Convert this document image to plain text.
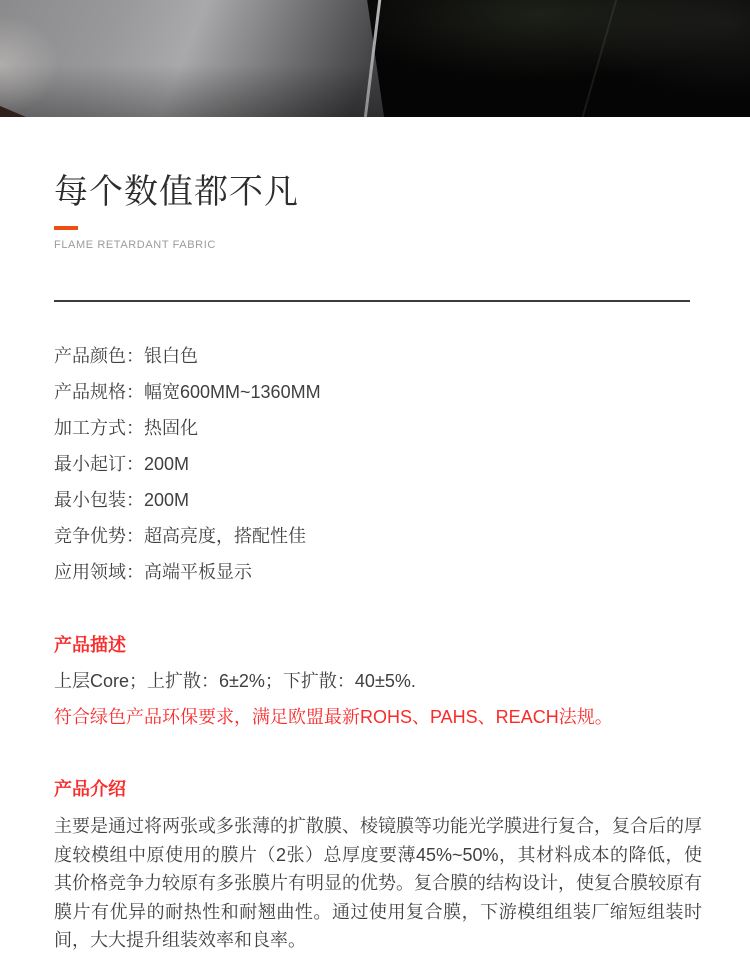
每个数值都不凡
FLAME RETARDANT FABRIC
产品颜色：银白色
产品规格：幅宽600MM~1360MM
加工方式：热固化
最小起订：200M
最小包装：200M
竞争优势：超高亮度，搭配性佳
应用领域：高端平板显示
产品描述
上层Core；上扩散：6±2%；下扩散：40±5%.
符合绿色产品环保要求，满足欧盟最新ROHS、PAHS、REACH法规。
产品介绍

主要是通过将两张或多张薄的扩散膜、棱镜膜等功能光学膜进行复合，复合后的厚度较模组中原使用的膜片（2张）总厚度要薄45%~50%，其材料成本的降低，使其价格竞争力较原有多张膜片有明显的优势。复合膜的结构设计，使复合膜较原有膜片有优异的耐热性和耐翘曲性。通过使用复合膜，下游模组组装厂缩短组装时间，大大提升组装效率和良率。
